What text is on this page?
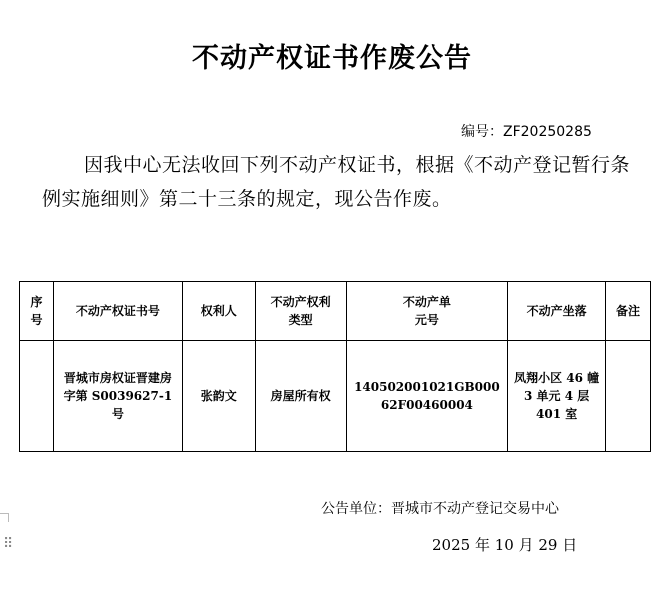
不动产权证书作废公告
编号：ZF20250285
因我中心无法收回下列不动产权证书，根据《不动产登记暂行条例实施细则》第二十三条的规定，现公告作废。
序号	不动产权证书号	权利人	不动产权利类型	不动产单元号	不动产坐落	备注
	晋城市房权证晋建房字第 S0039627-1 号	张韵文	房屋所有权	140502001021GB00062F00460004	凤翔小区 46 幢 3 单元 4 层 401 室	
公告单位：晋城市不动产登记交易中心
2025 年 10 月 29 日
⠿
